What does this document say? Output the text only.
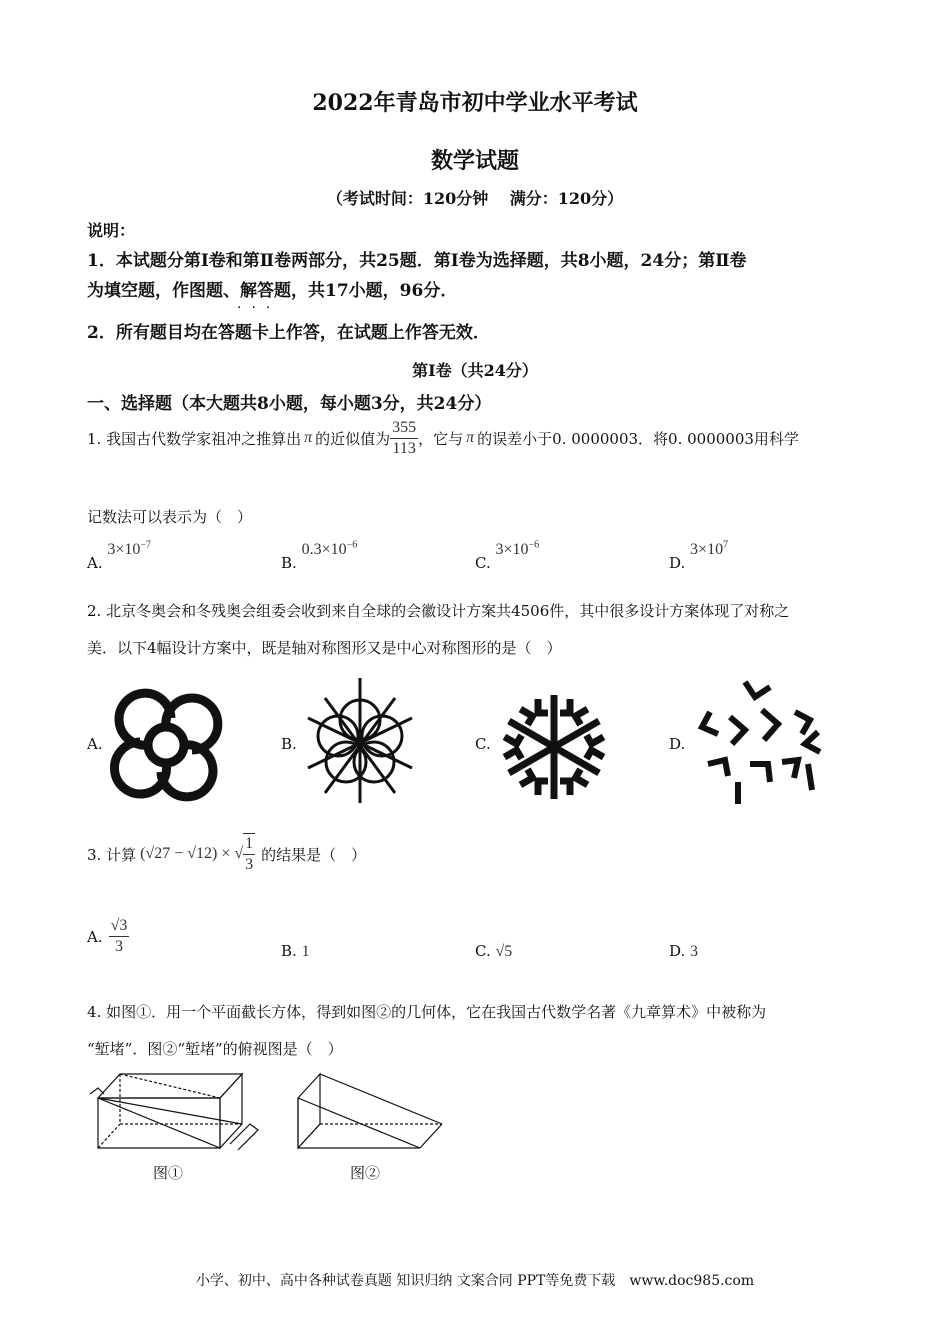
2022年青岛市初中学业水平考试
数学试题
（考试时间：120分钟　 满分：120分）
说明：
1．本试题分第Ⅰ卷和第Ⅱ卷两部分，共25题．第Ⅰ卷为选择题，共8小题，24分；第Ⅱ卷
为填空题，作图题、解答题，共17小题，96分．
···
2．所有题目均在答题卡上作答，在试题上作答无效．
第Ⅰ卷（共24分）
一、选择题（本大题共8小题，每小题3分，共24分）
1. 我国古代数学家祖冲之推算出 π 的近似值为 $\frac{355}{113}$ ，它与 π 的误差小于0. 0000003．将0. 0000003用科学
记数法可以表示为（　）
A. $3\times 10^{-7}$
B. $0.3\times 10^{-6}$
C. $3\times 10^{-6}$
D. $3\times 10^7$
2. 北京冬奥会和冬残奥会组委会收到来自全球的会徽设计方案共4506件，其中很多设计方案体现了对称之
美．以下4幅设计方案中，既是轴对称图形又是中心对称图形的是（　）
A.	B.	C.	D.
3. 计算 (√27 − √12) × √ $\frac{1}{3}$ 的结果是（　）
A. $\frac{√3}{3}$	B. 1	C. √5	D. 3
4. 如图①．用一个平面截长方体，得到如图②的几何体，它在我国古代数学名著《九章算术》中被称为
“堑堵”．图②“堑堵”的俯视图是（　）
图①	图②
小学、初中、高中各种试卷真题 知识归纳 文案合同 PPT等免费下载　www.doc985.com
